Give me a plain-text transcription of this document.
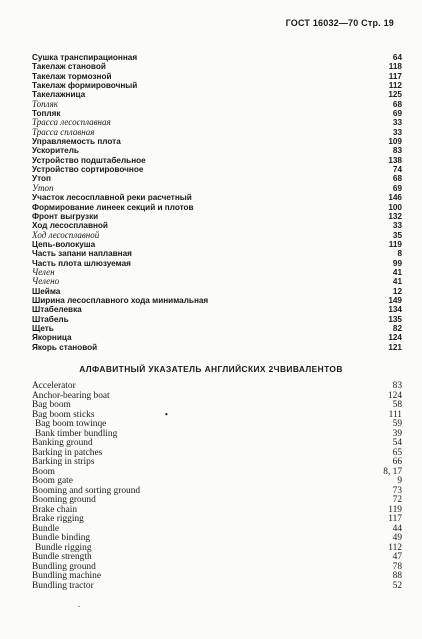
ГОСТ 16032—70 Стр. 19
Сушка транспирационная	64
Такелаж становой	118
Такелаж тормозной	117
Такелаж формировочный	112
Такелажница	125
Топляк	68
Топляк	69
Трасса лесосплавная	33
Трасса сплавная	33
Управляемость плота	109
Ускоритель	83
Устройство подштабельное	138
Устройство сортировочное	74
Утоп	68
Утоп	69
Участок лесосплавной реки расчетный	146
Формирование линеек секций и плотов	100
Фронт выгрузки	132
Ход лесосплавной	33
Ход лесосплавной	35
Цепь-волокуша	119
Часть запани наплавная	8
Часть плота шлюзуемая	99
Челен	41
Челено	41
Шейма	12
Ширина лесосплавного хода минимальная	149
Штабелевка	134
Штабель	135
Щеть	82
Якорница	124
Якорь становой	121
АЛФАВИТНЫЙ УКАЗАТЕЛЬ АНГЛИЙСКИХ 2ЧВИВАЛЕНТОВ
Accelerator	83
Anchor-bearing boat	124
Bag boom	58
Bag boom sticks	111
Bag boom towinqe	59
Bank timber bundling	39
Banking ground	54
Barking in patches	65
Barking in strips	66
Boom	8, 17
Boom gate	9
Booming and sorting ground	73
Booming ground	72
Brake chain	119
Brake rigging	117
Bundle	44
Bundle binding	49
Bundle rigging	112
Bundle strength	47
Bundling ground	78
Bundling machine	88
Bundling tractor	52
•
-
